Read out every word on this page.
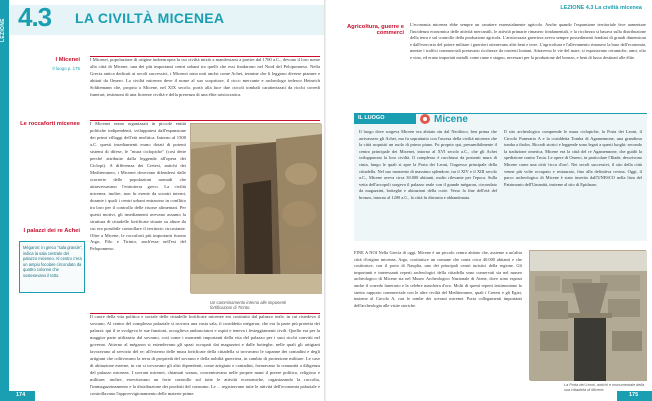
LEZIONE 4.3 LA CIVILTÀ MICENEA
I Micenei
Il luogo p. 175
I Micenei, popolazione di origine indoeuropea la cui civiltà iniziò a manifestarsi a partire dal 1700 a.C., devono il loro nome alla città di Micene, una dei più importanti centri urbani tra quelli che essi fondarono nel Nord del Peloponneso. Nella Grecia antica dedicati ai secoli successivi, i Micenei sono noti anche come Achei, termine che li leggono diverse pianure e abitati da Omero. La civiltà micenea deve il nome al suo scopritore, il ricco mercante e archeologo tedesco Heinrich Schliemann che, proprio a Micene, nel XIX secolo, portò alla luce due circoli tombali caratterizzati da ricchi corredi funerari, testimoni di una fiorente civiltà e della presenza di una élite aristocratica.
Le roccaforti micenee I Micenei erano organizzati in piccole entità politiche indipendenti, sviluppatesi dall'espansione dei primi villaggi dell'età neolitica. Intorno al 1500 a.C. questi insediamenti erano dotati di potenti sistemi di difese, le "mura ciclopiche" (così dette perché attribuite dalla leggenda all'opera dei Ciclopi). A differenza dei Cretesi, antichi dei Mediterraneo, i Micenei dovevano difendersi dalle scorrerie delle popolazioni nomadi che attraversavano l'entroterra greco. La civiltà micenea, inoltre, non fu esente da scontri interni, durante i quali i centri urbani entrarono in conflitto tra loro per il controllo delle risorse alimentari. Per questi motivi, gli insediamenti avevano assunto la struttura di cittadelle fortificate situate su alture da cui era possibile controllare il territorio circostante. Oltre a Micene, le roccaforti più importanti furono Argo, Pilo e Tirinto, anch'esse nell'est del Peloponneso.
Un camminamento interno alle imponenti fortificazioni di Tirinto.
I palazzi dei re Achei
Il cuore della vita politica e sociale delle cittadelle fortificate micenee era costituito dal palazzo reale, in cui risiedeva il sovrano. Al centro del complesso palaziale si trovava una vasta sala, il cosiddetto mégaron, che era la parte più protetta dei palazzi: qui il re svolgeva le sue funzioni, accoglieva ambasciatori e ospiti e teneva i festeggiamenti civili. Quello era per la maggior parte utilizzato dal sovrano, così come i momenti importanti della vita del palazzo per i suoi ricchi convitti nel governo. Attorno al mégaron si estendevano gli spazi occupati dai magazzini e dalle botteghe, nelle quali gli artigiani lavoravano al servizio del re; all'esterno delle mura fortificate della cittadella si trovavano le capanne dei contadini e degli artigiani che coltivavano la terra di proprietà del sovrano e della nobiltà guerriera, in cambio di protezione militare. Le case di abitazione esterne, in cui si trovavano gli altri dipendenti, come artigiani e contadini, formavano la comunità a diligenza del palazzo micenea. I sovrani micenei, chiamati wanax, concentravano nelle proprie mani il potere politico, religioso e militare; inoltre, esercitavano un forte controllo sul tutte le attività economiche, organizzando la raccolta, l'immagazzinamento e la distribuzione dei prodotti del consumo. Le ... registravano tutte le attività dell'economia palaziale e controllavano l'approvvigionamento delle materie prime.
Mégaron: in greco "sala grande", indica la sala centrale del palazzo miceneo. Al centro c'era un ampio focolare circondato da quattro colonne che sostenevano il tetto.
174
LEZIONE 4.3 La civiltà micenea
Agricoltura, guerre e commerci
L'economia micenea ebbe sempre un carattere essenzialmente agricolo. Anche quando l'espansione territoriale fece aumentare l'incidenza economica delle attività mercantili, le attività primarie rimasero fondamentali, e la ricchezza si basava sulla distribuzione della terra e sul controllo della produzione agricola. L'aristocrazia guerriera aveva sempre possedimenti fondiari di grandi dimensioni e dall'esercizio del potere militare i guerrieri ottenevano altri beni e terre. L'agricoltura e l'allevamento rimasero la base dell'economia, mentre i traffici commerciali portavano ricchezze da contesti lontani. Attraverso le vie del mare, si esportavano ceramiche, armi, olio e vino, ed erano importati metalli come rame e stagno, necessari per la produzione del bronzo, e beni di lusso destinati alle élite.
IL LUOGO	Micene
Il luogo dove sorgeva Micene era abitato sin dal Neolitico, ben prima che arrivassero gli Achei, ma fu soprattutto con l'ascesa della civiltà micenea che la città acquistò un ruolo di primo piano. Fu proprio qui, presumibilmente il centro principale dei Micenei, intorno al XVI secolo a.C., che gli Achei svilupparono la loro civiltà. Il complesso è racchiuso da possenti mura di cinta, lungo le quali si apre la Porta dei Leoni, l'ingresso principale della cittadella. Nel suo momento di massimo splendore, tra il XIV e il XIII secolo a.C., Micene aveva circa 30.000 abitanti, molto rilevante per l'epoca. Sulla vetta dell'acropoli sorgeva il palazzo reale con il grande mégaron, circondato da magazzini, botteghe e abitazioni della corte. Verso la fine dell'età del bronzo, intorno al 1200 a.C., la città fu distrutta e abbandonata.
Il sito archeologico comprende le mura ciclopiche, la Porta dei Leoni, il Circolo Funerario A e la cosiddetta Tomba di Agamennone, una grandiosa tomba a tholos. Ricordi storici e leggende sono legati a questi luoghi: secondo la tradizione omerica, Micene era la città del re Agamennone, che guidò la spedizione contro Troia. Le opere di Omero, in particolare l'Iliade, descrivono Micene come una città 'ricca d'oro'. Nei secoli successivi, il sito della città venne più volte occupato e restaurato, fino alla definitiva rovina. Oggi, il parco archeologico di Micene è stato inserito dall'UNESCO nella lista del Patrimonio dell'Umanità, insieme al sito di Epidauro.
FINE A NOI Nella Grecia di oggi, Micene è un piccolo centro abitato che, assieme a un'altra città d'origine micenea, Argo, costituisce un comune che conta circa 40.000 abitanti e che costituisce, con il porto di Nauplia, uno dei principali centri turistici della regione. Gli importanti e interessanti reperti archeologici della cittadella sono conservati sia nel museo archeologico di Micene sia nel Museo Archeologico Nazionale di Atene, dove sono esposti anche il corredo funerario e la celebre maschera d'oro. Molti di questi reperti testimoniano lo stretto rapporto commerciale con le altre civiltà del Mediterraneo, quali i Cretesi e gli Egizi, insieme al Circolo A, con le tombe dei sovrani micenei. Porta collegamenti importanti dell'archeologia alle visite storiche.
La Porta dei Leoni, antichi e monumentale della sua cittadella di Micene.
175
